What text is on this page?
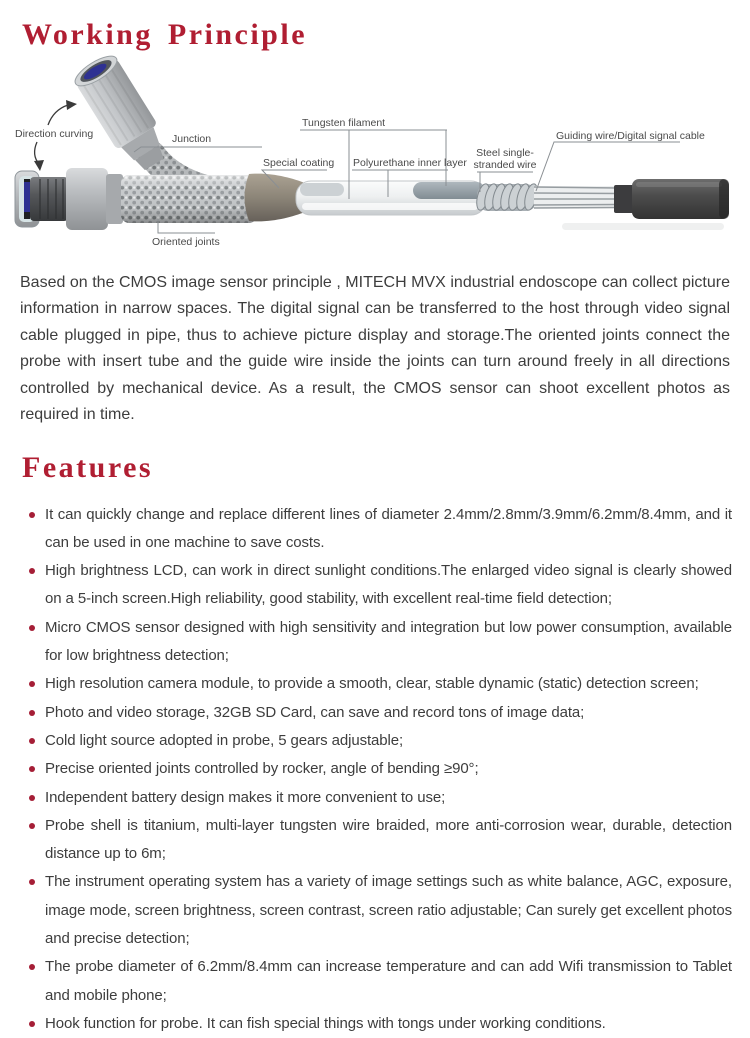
Working Principle
Direction curving	Junction
Oriented joints
Special coating
Tungsten filament
Polyurethane inner layer
Steel single-
stranded wire
Guiding wire/Digital signal cable

Based on the CMOS image sensor principle , MITECH MVX industrial endoscope can collect picture information in narrow spaces. The digital signal can be transferred to the host through video signal cable plugged in pipe, thus to achieve picture display and storage.The oriented joints connect the probe with insert tube and the guide wire inside the joints can turn around freely in all directions controlled by mechanical device. As a result, the CMOS sensor can shoot excellent photos as required in time.

Features
It can quickly change and replace different lines of diameter 2.4mm/2.8mm/3.9mm/6.2mm/8.4mm, and it can be used in one machine to save costs.
High brightness LCD, can work in direct sunlight conditions.The enlarged video signal is clearly showed on a 5-inch screen.High reliability, good stability, with excellent real-time field detection;
Micro CMOS sensor designed with high sensitivity and integration but low power consumption, available for low brightness detection;
High resolution camera module, to provide a smooth, clear, stable dynamic (static) detection screen;
Photo and video storage, 32GB SD Card, can save and record tons of image data;
Cold light source adopted in probe, 5 gears adjustable;
Precise oriented joints controlled by rocker, angle of bending ≥90°;
Independent battery design makes it more convenient to use;
Probe shell is titanium, multi-layer tungsten wire braided, more anti-corrosion wear, durable, detection distance up to 6m;
The instrument operating system has a variety of image settings such as white balance, AGC, exposure, image mode, screen brightness, screen contrast, screen ratio adjustable; Can surely get excellent photos and precise detection;
The probe diameter of 6.2mm/8.4mm can increase temperature and can add Wifi transmission to Tablet and mobile phone;
Hook function for probe. It can fish special things with tongs under working conditions.
